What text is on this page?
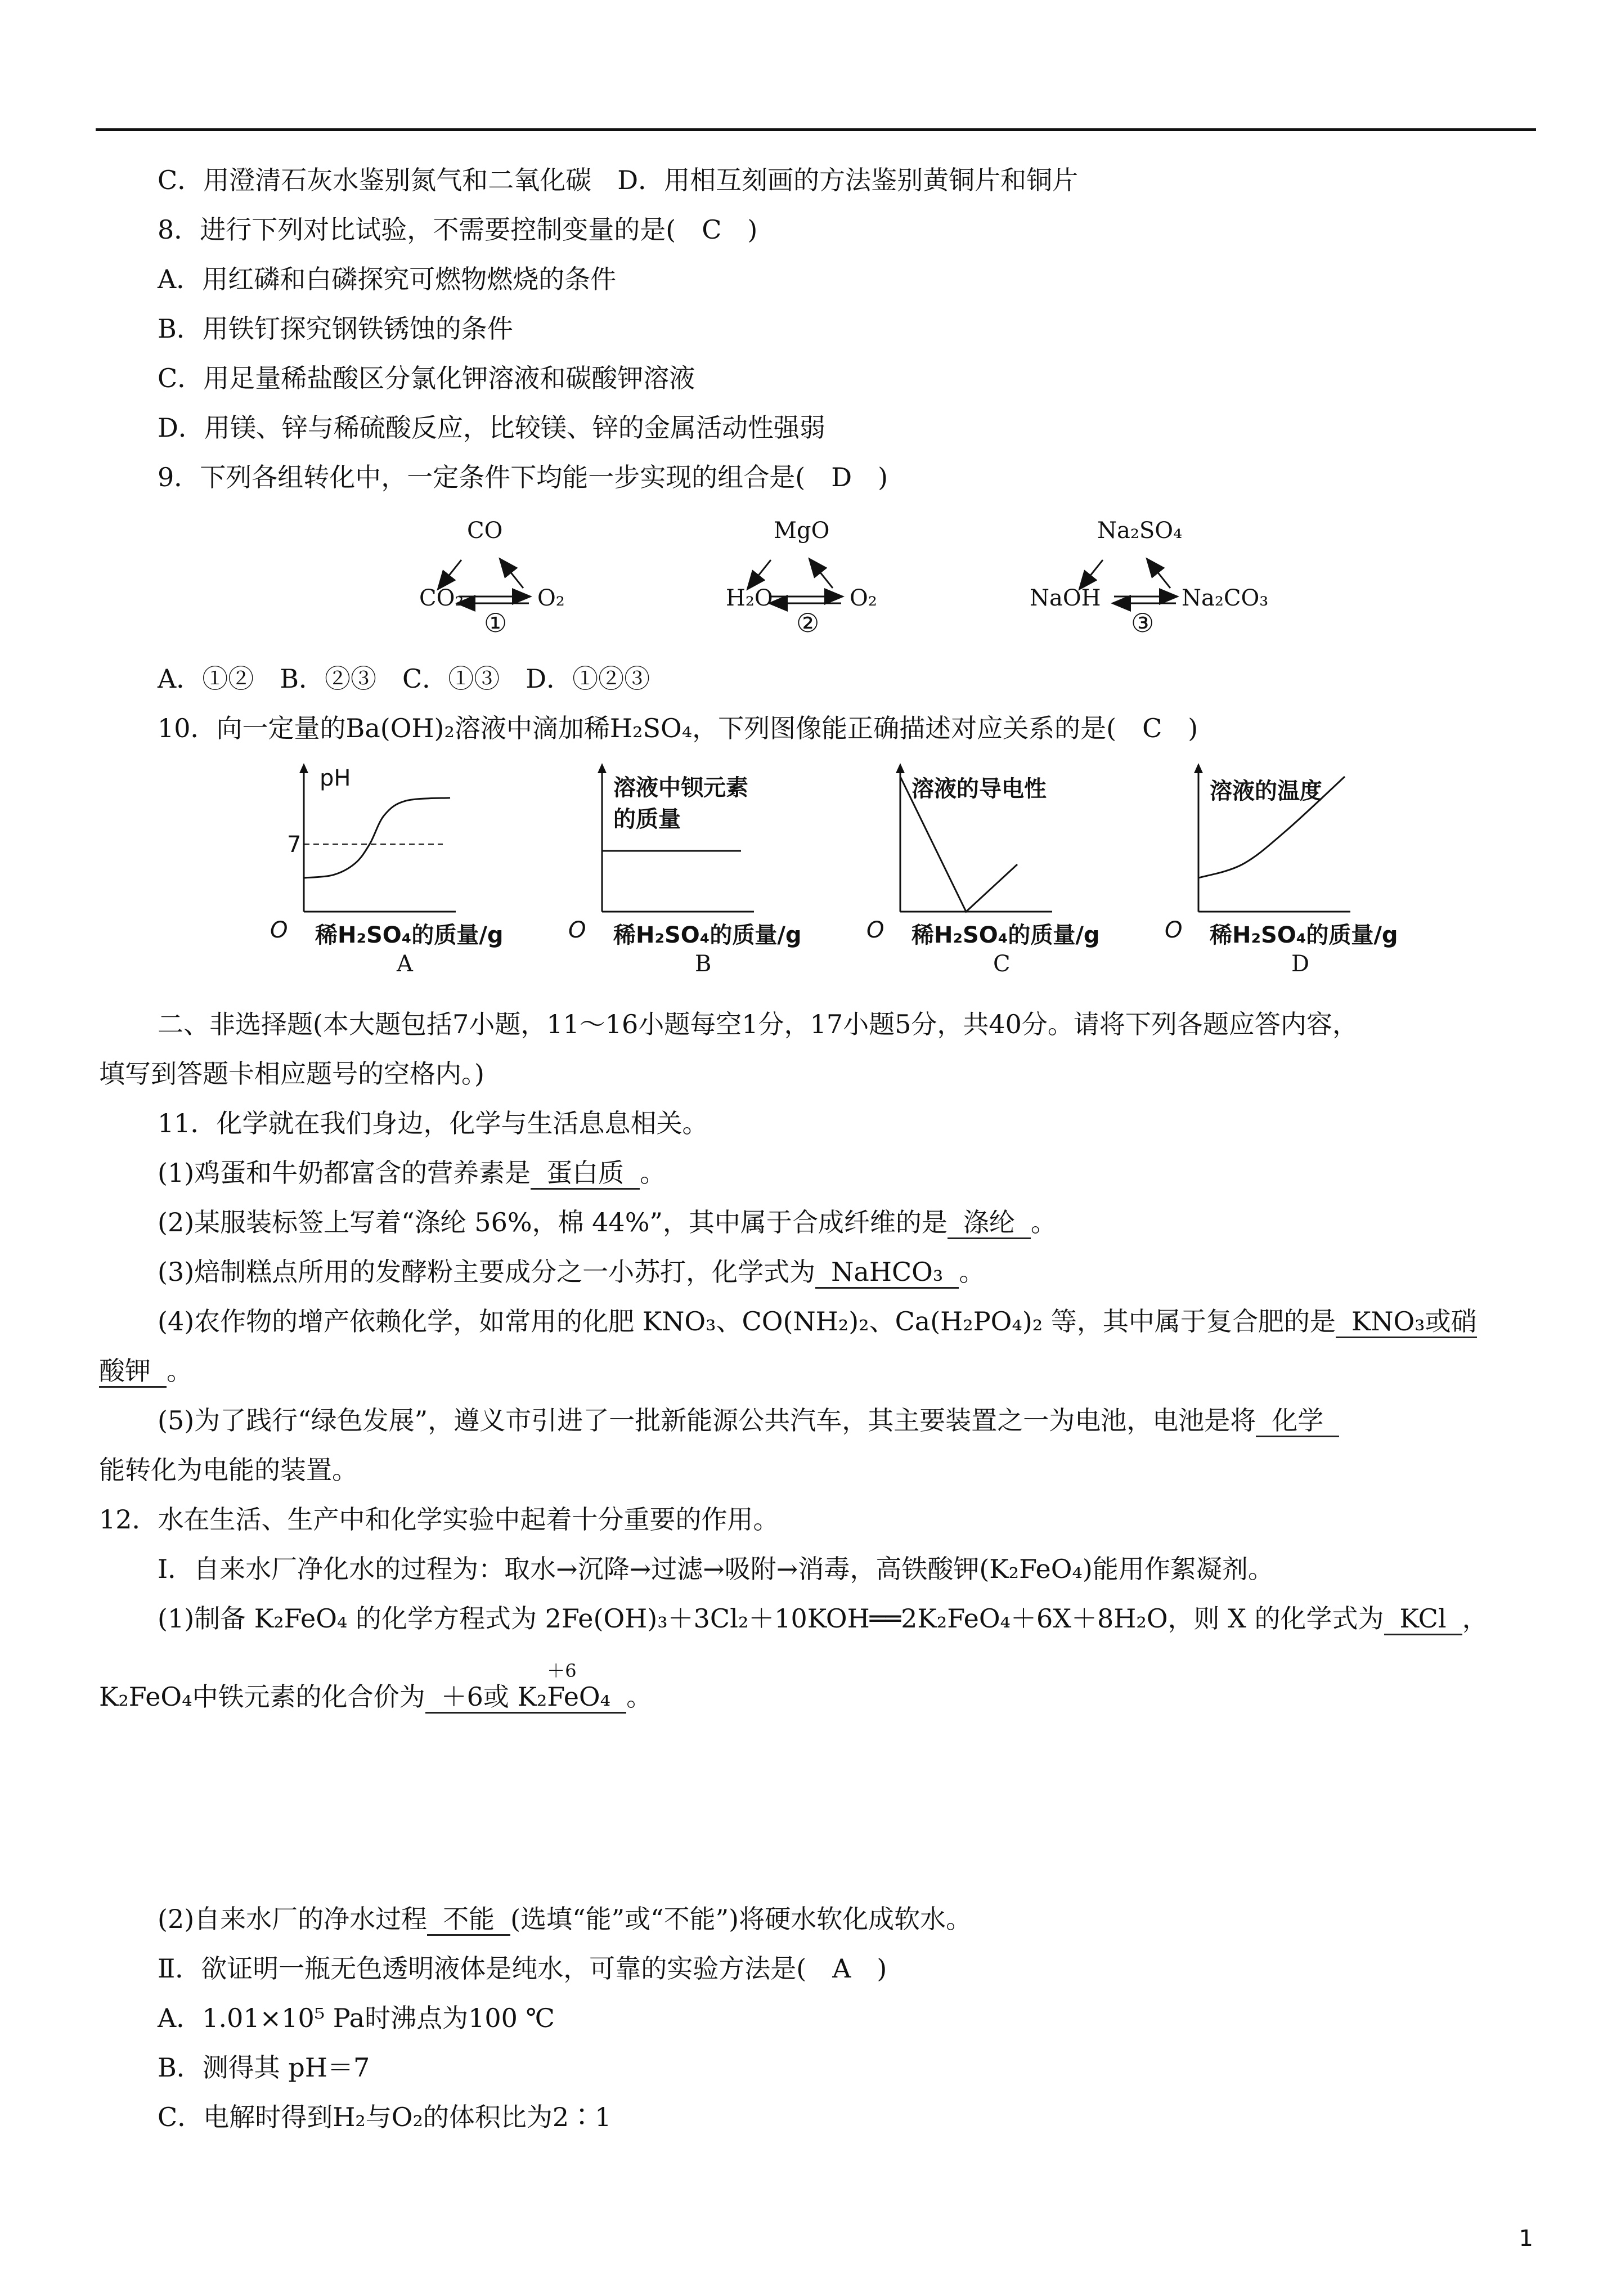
C．用澄清石灰水鉴别氮气和二氧化碳　D．用相互刻画的方法鉴别黄铜片和铜片
8．进行下列对比试验，不需要控制变量的是(　C　)
A．用红磷和白磷探究可燃物燃烧的条件
B．用铁钉探究钢铁锈蚀的条件
C．用足量稀盐酸区分氯化钾溶液和碳酸钾溶液
D．用镁、锌与稀硫酸反应，比较镁、锌的金属活动性强弱
9．下列各组转化中，一定条件下均能一步实现的组合是(　D　)
CO
CO₂	O₂
①
MgO
H₂O	O₂
②
Na₂SO₄
NaOH	Na₂CO₃
③
A．①②　B．②③　C．①③　D．①②③
10．向一定量的Ba(OH)₂溶液中滴加稀H₂SO₄，下列图像能正确描述对应关系的是(　C　)
pH
7
O 稀H₂SO₄的质量/g
A
溶液中钡元素的质量
O 稀H₂SO₄的质量/g
B
溶液的导电性
O 稀H₂SO₄的质量/g
C
溶液的温度
O 稀H₂SO₄的质量/g
D
二、非选择题(本大题包括7小题，11～16小题每空1分，17小题5分，共40分。请将下列各题应答内容，
填写到答题卡相应题号的空格内。)
11．化学就在我们身边，化学与生活息息相关。
(1)鸡蛋和牛奶都富含的营养素是 蛋白质 。
(2)某服装标签上写着“涤纶 56%，棉 44%”，其中属于合成纤维的是 涤纶 。
(3)焙制糕点所用的发酵粉主要成分之一小苏打，化学式为 NaHCO₃ 。
(4)农作物的增产依赖化学，如常用的化肥 KNO₃、CO(NH₂)₂、Ca(H₂PO₄)₂ 等，其中属于复合肥的是 KNO₃或硝
酸钾 。
(5)为了践行“绿色发展”，遵义市引进了一批新能源公共汽车，其主要装置之一为电池，电池是将 化学
能转化为电能的装置。
12．水在生活、生产中和化学实验中起着十分重要的作用。
Ⅰ．自来水厂净化水的过程为：取水→沉降→过滤→吸附→消毒，高铁酸钾(K₂FeO₄)能用作絮凝剂。
(1)制备 K₂FeO₄ 的化学方程式为 2Fe(OH)₃＋3Cl₂＋10KOH══2K₂FeO₄＋6X＋8H₂O，则 X 的化学式为 KCl ，
K₂FeO₄中铁元素的化合价为 ＋6或 K₂
＋6
FeO₄ 。
(2)自来水厂的净水过程 不能 (选填“能”或“不能”)将硬水软化成软水。
Ⅱ．欲证明一瓶无色透明液体是纯水，可靠的实验方法是(　A　)
A．1.01×10⁵ Pa时沸点为100 ℃
B．测得其 pH＝7
C．电解时得到H₂与O₂的体积比为2∶1
1
